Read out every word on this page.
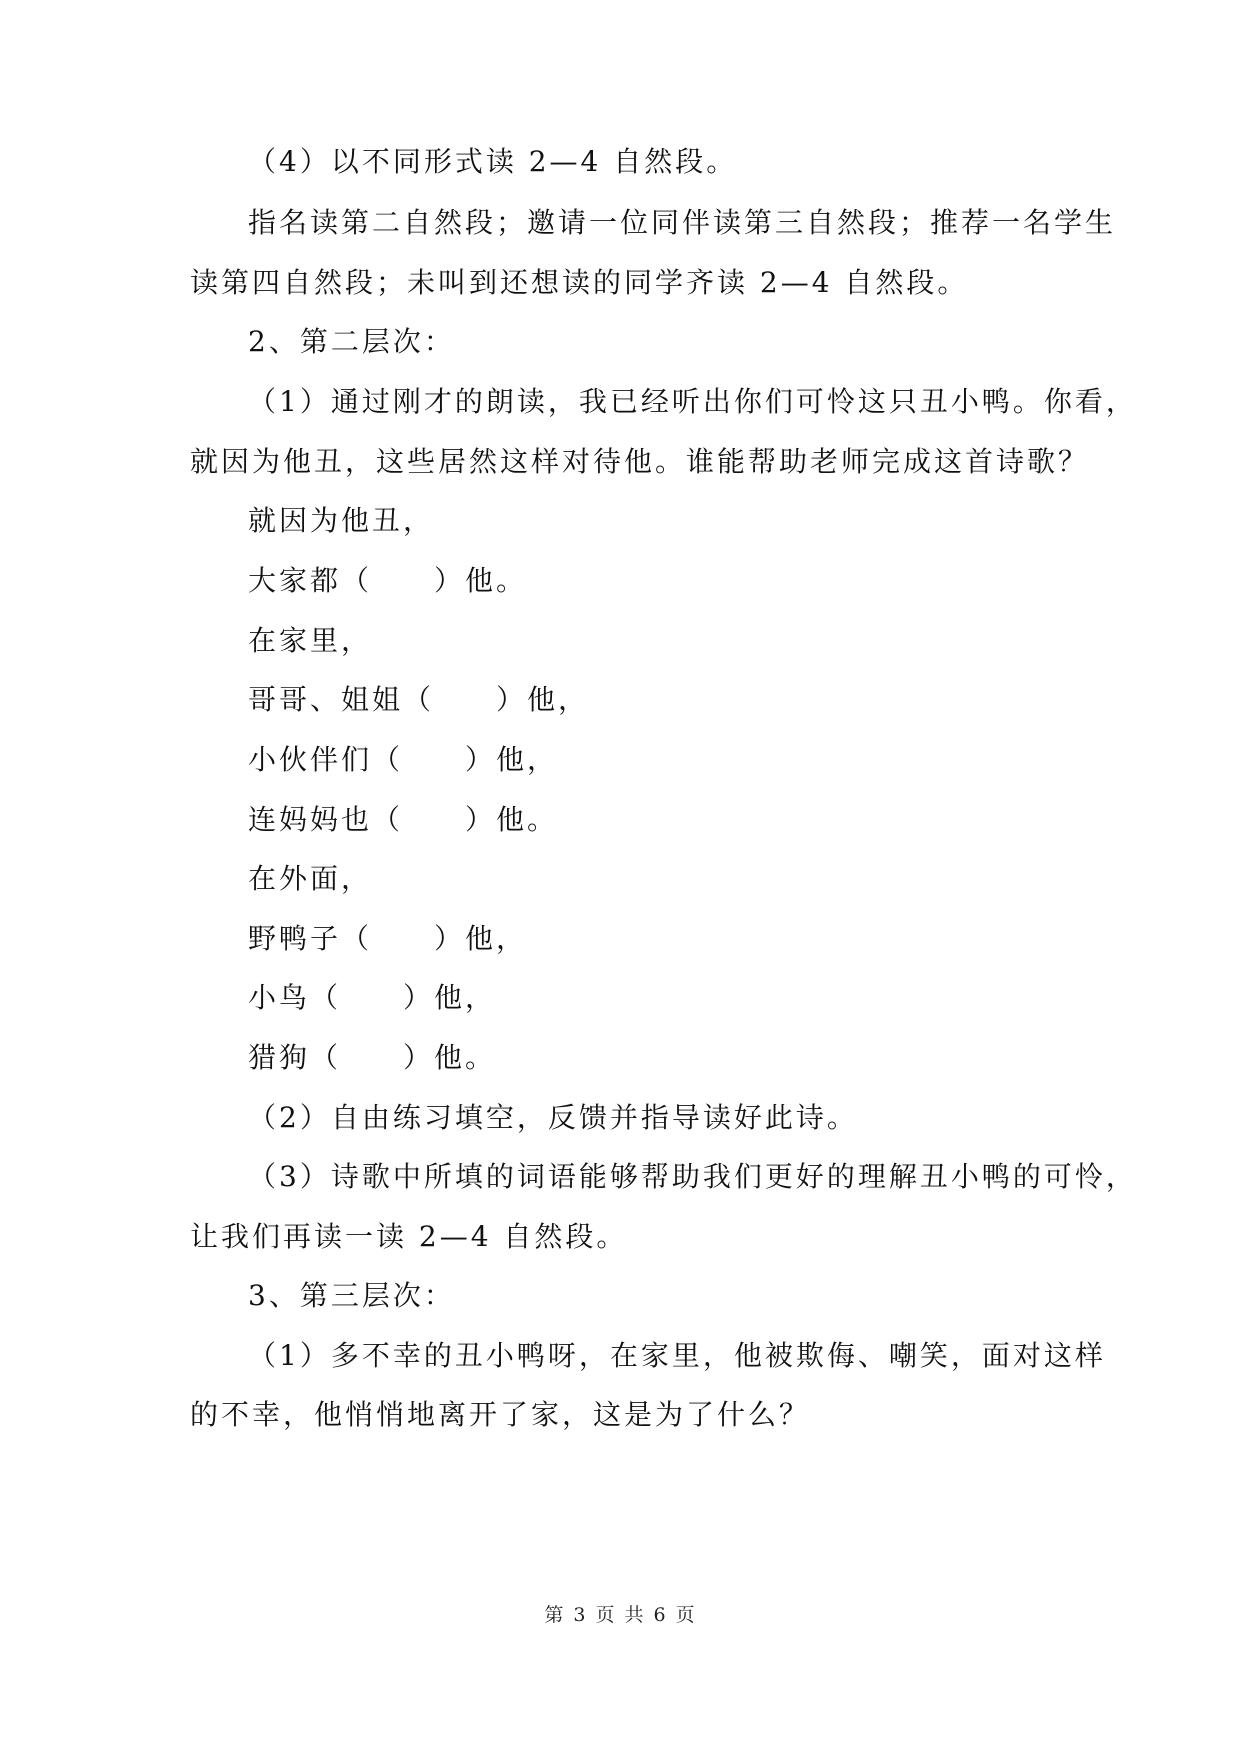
（4）以不同形式读 2—4 自然段。
指名读第二自然段；邀请一位同伴读第三自然段；推荐一名学生
读第四自然段；未叫到还想读的同学齐读 2—4 自然段。
2、第二层次：
（1）通过刚才的朗读，我已经听出你们可怜这只丑小鸭。你看，
就因为他丑，这些居然这样对待他。谁能帮助老师完成这首诗歌？
就因为他丑，
大家都（　　）他。
在家里，
哥哥、姐姐（　　）他，
小伙伴们（　　）他，
连妈妈也（　　）他。
在外面，
野鸭子（　　）他，
小鸟（　　）他，
猎狗（　　）他。
（2）自由练习填空，反馈并指导读好此诗。
（3）诗歌中所填的词语能够帮助我们更好的理解丑小鸭的可怜，
让我们再读一读 2—4 自然段。
3、第三层次：
（1）多不幸的丑小鸭呀，在家里，他被欺侮、嘲笑，面对这样
的不幸，他悄悄地离开了家，这是为了什么？
第 3 页 共 6 页
